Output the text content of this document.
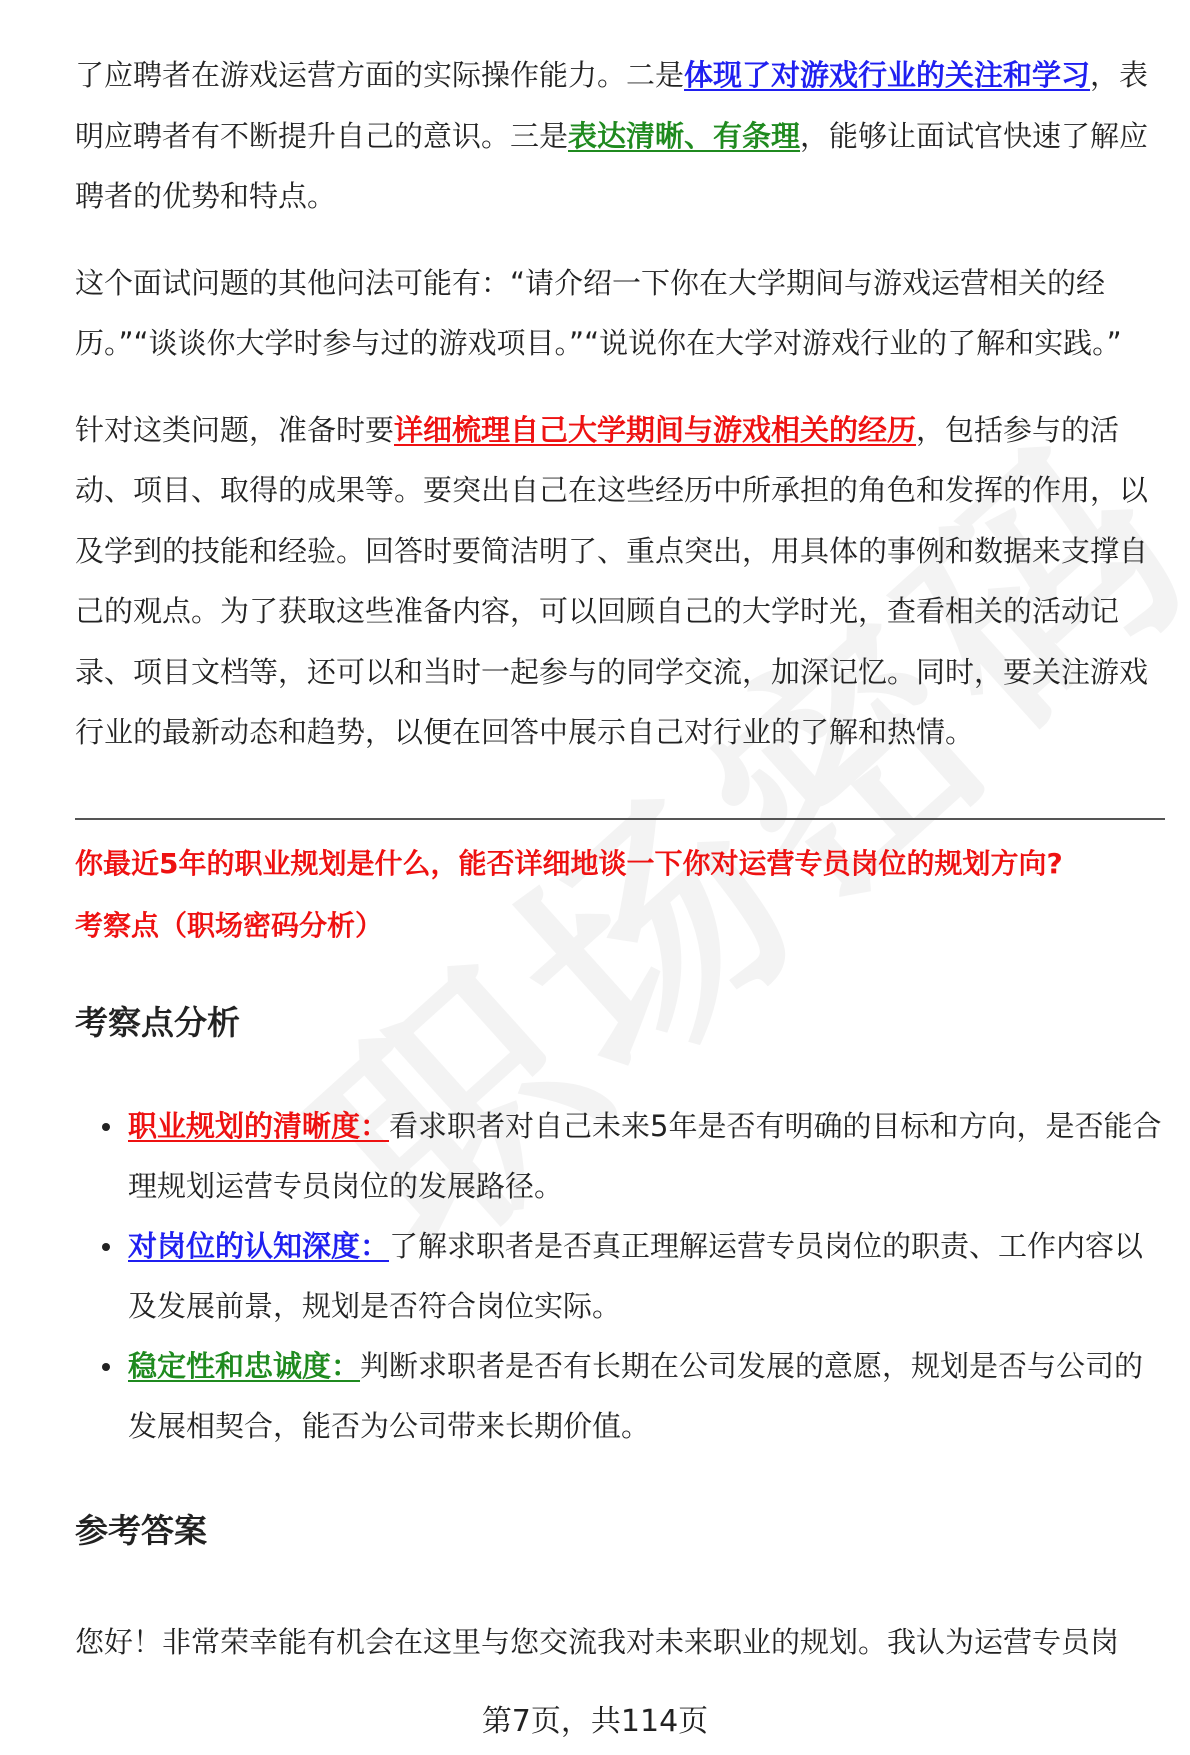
了应聘者在游戏运营方面的实际操作能力。二是体现了对游戏行业的关注和学习，表明应聘者有不断提升自己的意识。三是表达清晰、有条理，能够让面试官快速了解应聘者的优势和特点。

这个面试问题的其他问法可能有：“请介绍一下你在大学期间与游戏运营相关的经历。”“谈谈你大学时参与过的游戏项目。”“说说你在大学对游戏行业的了解和实践。”

针对这类问题，准备时要详细梳理自己大学期间与游戏相关的经历，包括参与的活动、项目、取得的成果等。要突出自己在这些经历中所承担的角色和发挥的作用，以及学到的技能和经验。回答时要简洁明了、重点突出，用具体的事例和数据来支撑自己的观点。为了获取这些准备内容，可以回顾自己的大学时光，查看相关的活动记录、项目文档等，还可以和当时一起参与的同学交流，加深记忆。同时，要关注游戏行业的最新动态和趋势，以便在回答中展示自己对行业的了解和热情。

你最近5年的职业规划是什么，能否详细地谈一下你对运营专员岗位的规划方向?
考察点（职场密码分析）
考察点分析
职业规划的清晰度：看求职者对自己未来5年是否有明确的目标和方向，是否能合理规划运营专员岗位的发展路径。
对岗位的认知深度：了解求职者是否真正理解运营专员岗位的职责、工作内容以及发展前景，规划是否符合岗位实际。
稳定性和忠诚度：判断求职者是否有长期在公司发展的意愿，规划是否与公司的发展相契合，能否为公司带来长期价值。
参考答案

您好！非常荣幸能有机会在这里与您交流我对未来职业的规划。我认为运营专员岗

第7页，共114页
